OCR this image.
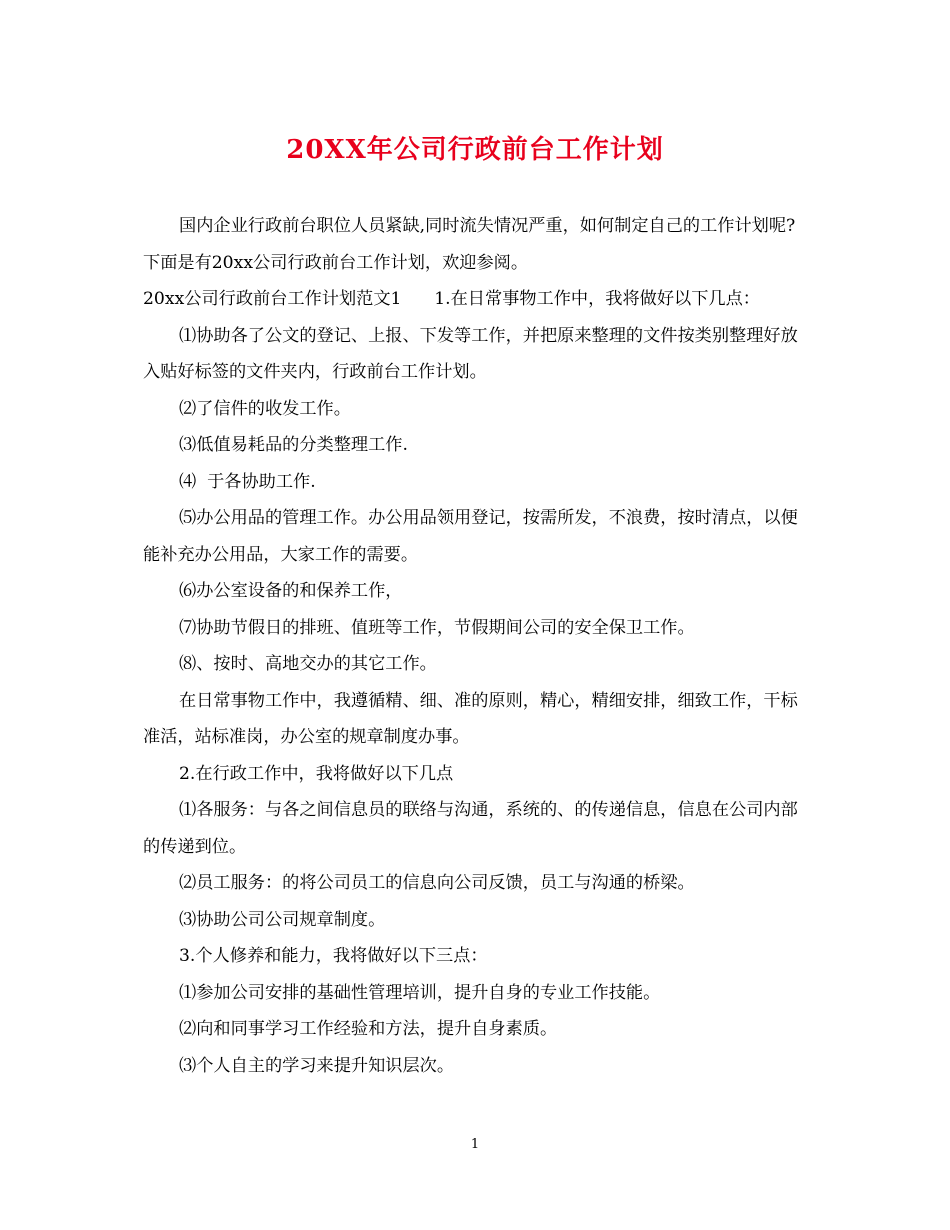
20XX年公司行政前台工作计划

国内企业行政前台职位人员紧缺,同时流失情况严重，如何制定自己的工作计划呢?下面是有20xx公司行政前台工作计划，欢迎参阅。

20xx公司行政前台工作计划范文1      1.在日常事物工作中，我将做好以下几点：

⑴协助各了公文的登记、上报、下发等工作，并把原来整理的文件按类别整理好放入贴好标签的文件夹内，行政前台工作计划。

⑵了信件的收发工作。

⑶低值易耗品的分类整理工作.

⑷  于各协助工作.

⑸办公用品的管理工作。办公用品领用登记，按需所发，不浪费，按时清点，以便能补充办公用品，大家工作的需要。

⑹办公室设备的和保养工作，

⑺协助节假日的排班、值班等工作，节假期间公司的安全保卫工作。

⑻、按时、高地交办的其它工作。

在日常事物工作中，我遵循精、细、准的原则，精心，精细安排，细致工作，干标准活，站标准岗，办公室的规章制度办事。

2.在行政工作中，我将做好以下几点

⑴各服务：与各之间信息员的联络与沟通，系统的、的传递信息，信息在公司内部的传递到位。

⑵员工服务：的将公司员工的信息向公司反馈，员工与沟通的桥梁。

⑶协助公司公司规章制度。

3.个人修养和能力，我将做好以下三点：

⑴参加公司安排的基础性管理培训，提升自身的专业工作技能。

⑵向和同事学习工作经验和方法，提升自身素质。

⑶个人自主的学习来提升知识层次。

1
